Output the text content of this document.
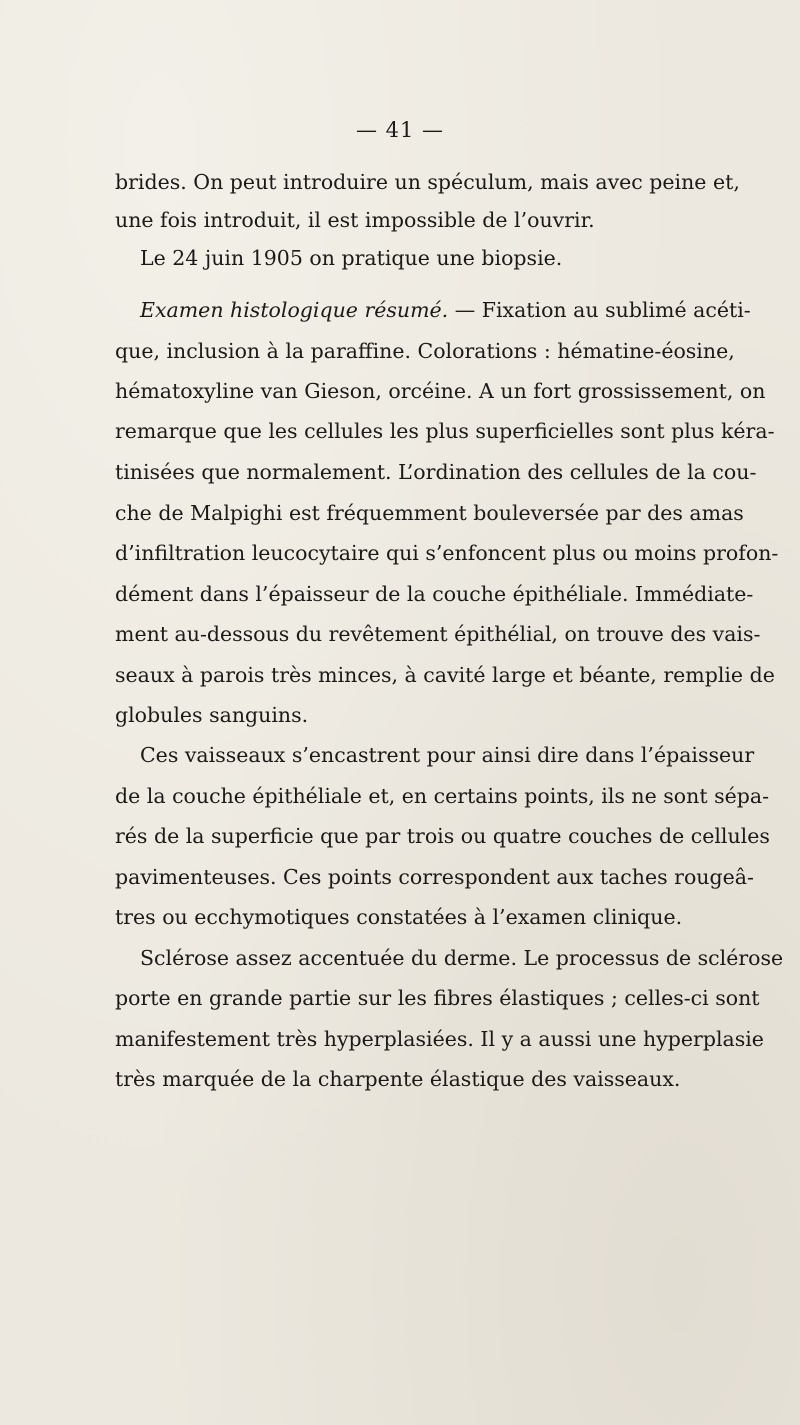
— 41 —
brides. On peut introduire un spéculum, mais avec peine et,
une fois introduit, il est impossible de l’ouvrir.
Le 24 juin 1905 on pratique une biopsie.
Examen histologique résumé. — Fixation au sublimé acéti-
que, inclusion à la paraffine. Colorations : hématine-éosine,
hématoxyline van Gieson, orcéine. A un fort grossissement, on
remarque que les cellules les plus superficielles sont plus kéra-
tinisées que normalement. L’ordination des cellules de la cou-
che de Malpighi est fréquemment bouleversée par des amas
d’infiltration leucocytaire qui s’enfoncent plus ou moins profon-
dément dans l’épaisseur de la couche épithéliale. Immédiate-
ment au-dessous du revêtement épithélial, on trouve des vais-
seaux à parois très minces, à cavité large et béante, remplie de
globules sanguins.
Ces vaisseaux s’encastrent pour ainsi dire dans l’épaisseur
de la couche épithéliale et, en certains points, ils ne sont sépa-
rés de la superficie que par trois ou quatre couches de cellules
pavimenteuses. Ces points correspondent aux taches rougeâ-
tres ou ecchymotiques constatées à l’examen clinique.
Sclérose assez accentuée du derme. Le processus de sclérose
porte en grande partie sur les fibres élastiques ; celles-ci sont
manifestement très hyperplasiées. Il y a aussi une hyperplasie
très marquée de la charpente élastique des vaisseaux.
